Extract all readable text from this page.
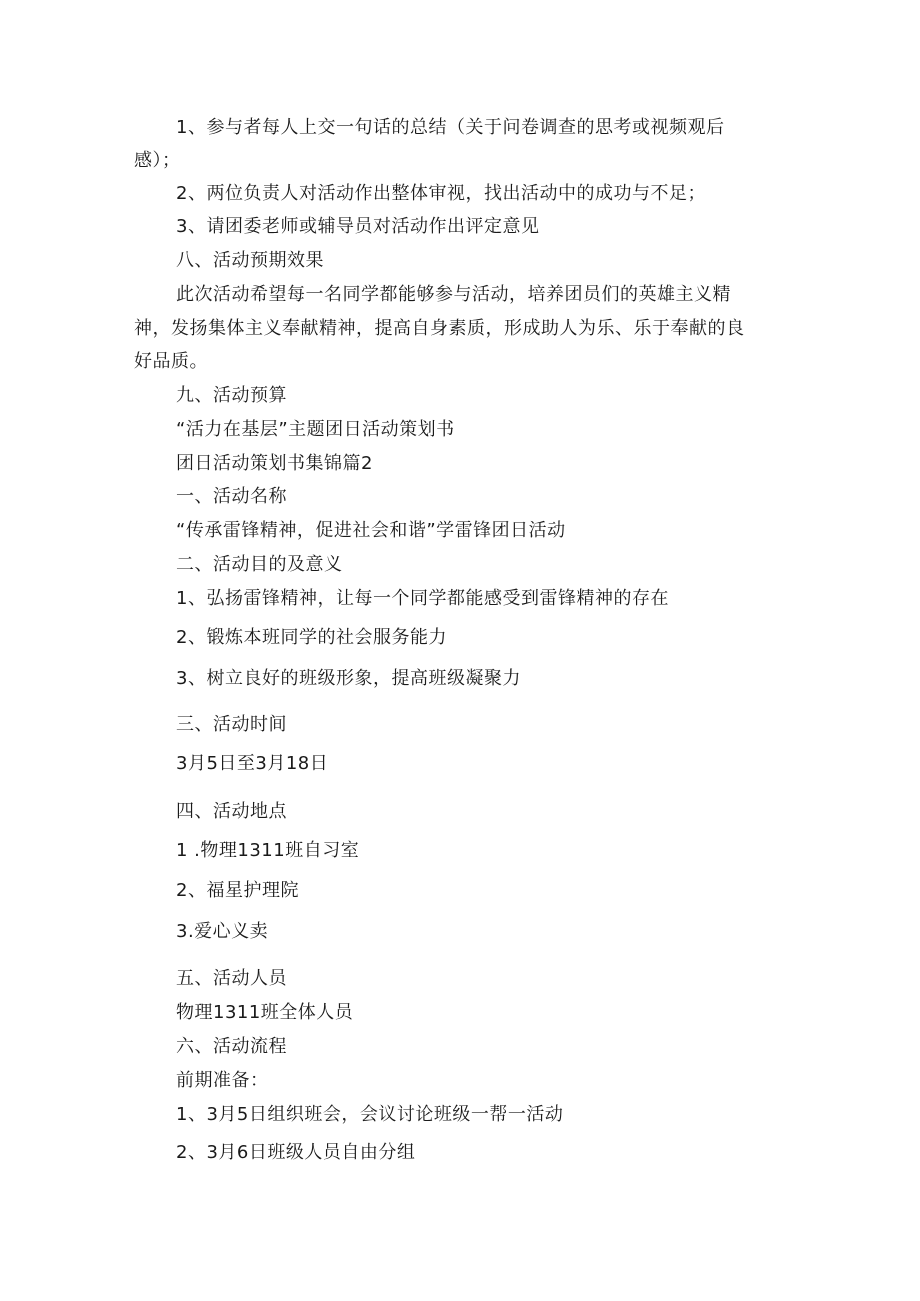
1、参与者每人上交一句话的总结（关于问卷调查的思考或视频观后
感）；
2、两位负责人对活动作出整体审视，找出活动中的成功与不足；
3、请团委老师或辅导员对活动作出评定意见
八、活动预期效果
此次活动希望每一名同学都能够参与活动，培养团员们的英雄主义精
神，发扬集体主义奉献精神，提高自身素质，形成助人为乐、乐于奉献的良
好品质。
九、活动预算
“活力在基层”主题团日活动策划书
团日活动策划书集锦篇2
一、活动名称
“传承雷锋精神，促进社会和谐”学雷锋团日活动
二、活动目的及意义
1、弘扬雷锋精神，让每一个同学都能感受到雷锋精神的存在
2、锻炼本班同学的社会服务能力
3、树立良好的班级形象，提高班级凝聚力
三、活动时间
3月5日至3月18日
四、活动地点
1 .物理1311班自习室
2、福星护理院
3.爱心义卖
五、活动人员
物理1311班全体人员
六、活动流程
前期准备：
1、3月5日组织班会，会议讨论班级一帮一活动
2、3月6日班级人员自由分组
